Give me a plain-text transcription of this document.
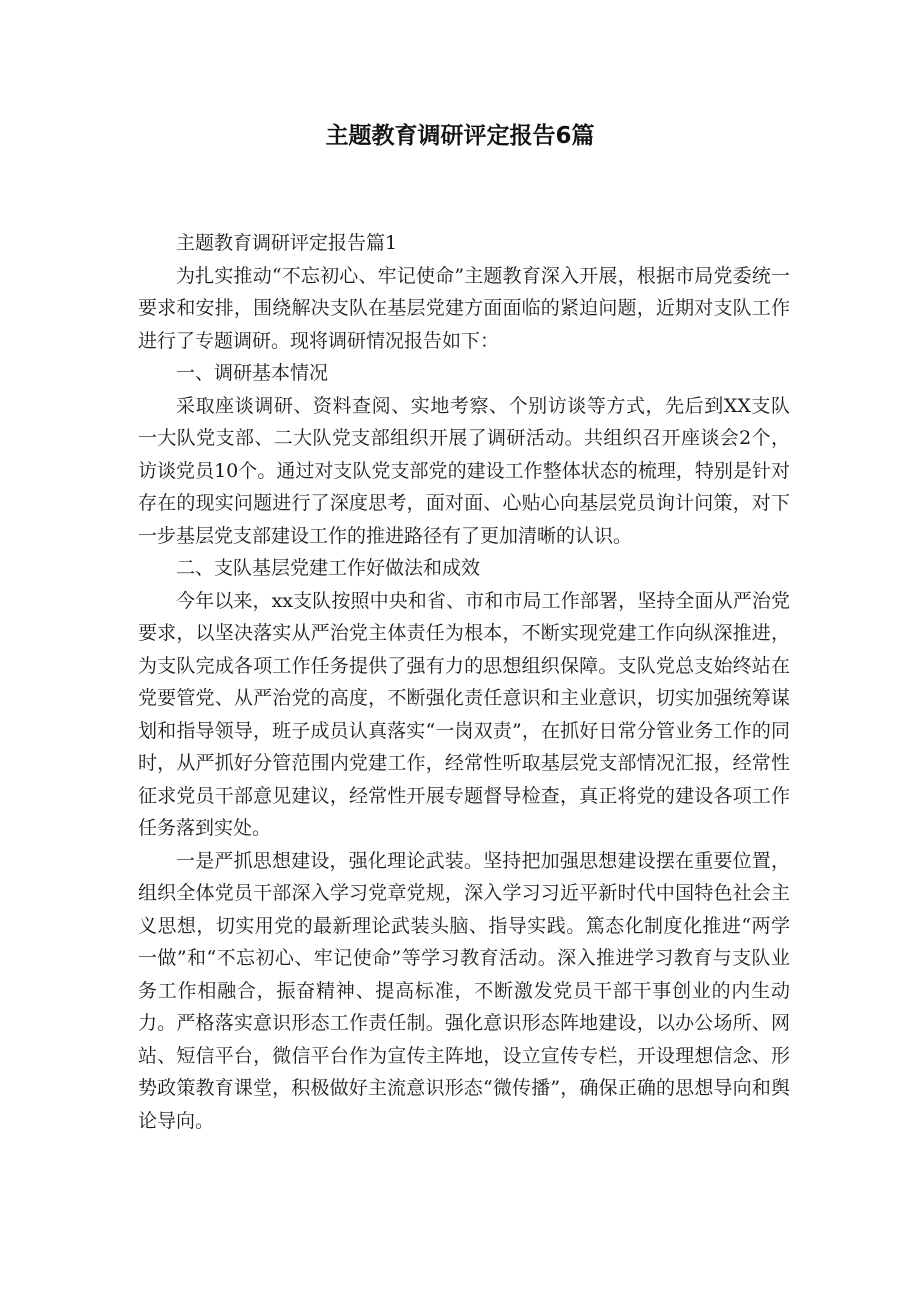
主题教育调研评定报告6篇

主题教育调研评定报告篇1

为扎实推动“不忘初心、牢记使命”主题教育深入开展，根据市局党委统一要求和安排，围绕解决支队在基层党建方面面临的紧迫问题，近期对支队工作进行了专题调研。现将调研情况报告如下：

一、调研基本情况

采取座谈调研、资料查阅、实地考察、个别访谈等方式，先后到XX支队一大队党支部、二大队党支部组织开展了调研活动。共组织召开座谈会2个，访谈党员10个。通过对支队党支部党的建设工作整体状态的梳理，特别是针对存在的现实问题进行了深度思考，面对面、心贴心向基层党员询计问策，对下一步基层党支部建设工作的推进路径有了更加清晰的认识。

二、支队基层党建工作好做法和成效

今年以来，xx支队按照中央和省、市和市局工作部署，坚持全面从严治党要求，以坚决落实从严治党主体责任为根本，不断实现党建工作向纵深推进，为支队完成各项工作任务提供了强有力的思想组织保障。支队党总支始终站在党要管党、从严治党的高度，不断强化责任意识和主业意识，切实加强统筹谋划和指导领导，班子成员认真落实“一岗双责”，在抓好日常分管业务工作的同时，从严抓好分管范围内党建工作，经常性听取基层党支部情况汇报，经常性征求党员干部意见建议，经常性开展专题督导检查，真正将党的建设各项工作任务落到实处。

一是严抓思想建设，强化理论武装。坚持把加强思想建设摆在重要位置，组织全体党员干部深入学习党章党规，深入学习习近平新时代中国特色社会主义思想，切实用党的最新理论武装头脑、指导实践。篤态化制度化推进“两学一做”和“不忘初心、牢记使命”等学习教育活动。深入推进学习教育与支队业务工作相融合，振奋精神、提高标准，不断激发党员干部干事创业的内生动力。严格落实意识形态工作责任制。强化意识形态阵地建设，以办公场所、网站、短信平台，微信平台作为宣传主阵地，设立宣传专栏，开设理想信念、形势政策教育课堂，积极做好主流意识形态“微传播”，确保正确的思想导向和舆论导向。
